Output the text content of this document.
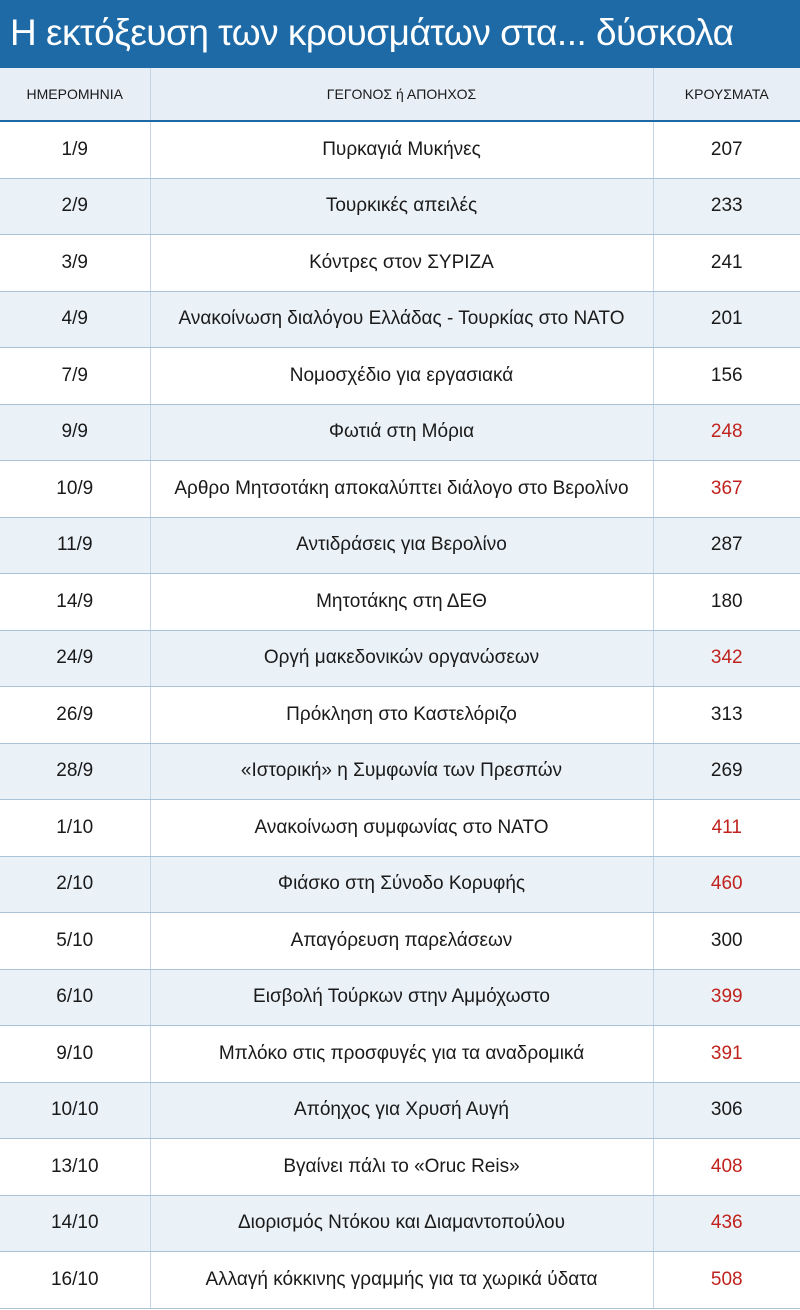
Η εκτόξευση των κρουσμάτων στα... δύσκολα
ΗΜΕΡΟΜΗΝΙΑ	ΓΕΓΟΝΟΣ ή ΑΠΟΗΧΟΣ	ΚΡΟΥΣΜΑΤΑ
1/9	Πυρκαγιά Μυκήνες	207
2/9	Τουρκικές απειλές	233
3/9	Κόντρες στον ΣΥΡΙΖΑ	241
4/9	Ανακοίνωση διαλόγου Ελλάδας - Τουρκίας στο ΝΑΤΟ	201
7/9	Νομοσχέδιο για εργασιακά	156
9/9	Φωτιά στη Μόρια	248
10/9	Αρθρο Μητσοτάκη αποκαλύπτει διάλογο στο Βερολίνο	367
11/9	Αντιδράσεις για Βερολίνο	287
14/9	Μητοτάκης στη ΔΕΘ	180
24/9	Οργή μακεδονικών οργανώσεων	342
26/9	Πρόκληση στο Καστελόριζο	313
28/9	«Ιστορική» η Συμφωνία των Πρεσπών	269
1/10	Ανακοίνωση συμφωνίας στο ΝΑΤΟ	411
2/10	Φιάσκο στη Σύνοδο Κορυφής	460
5/10	Απαγόρευση παρελάσεων	300
6/10	Εισβολή Τούρκων στην Αμμόχωστο	399
9/10	Μπλόκο στις προσφυγές για τα αναδρομικά	391
10/10	Απόηχος για Χρυσή Αυγή	306
13/10	Βγαίνει πάλι το «Oruc Reis»	408
14/10	Διορισμός Ντόκου και Διαμαντοπούλου	436
16/10	Αλλαγή κόκκινης γραμμής για τα χωρικά ύδατα	508
